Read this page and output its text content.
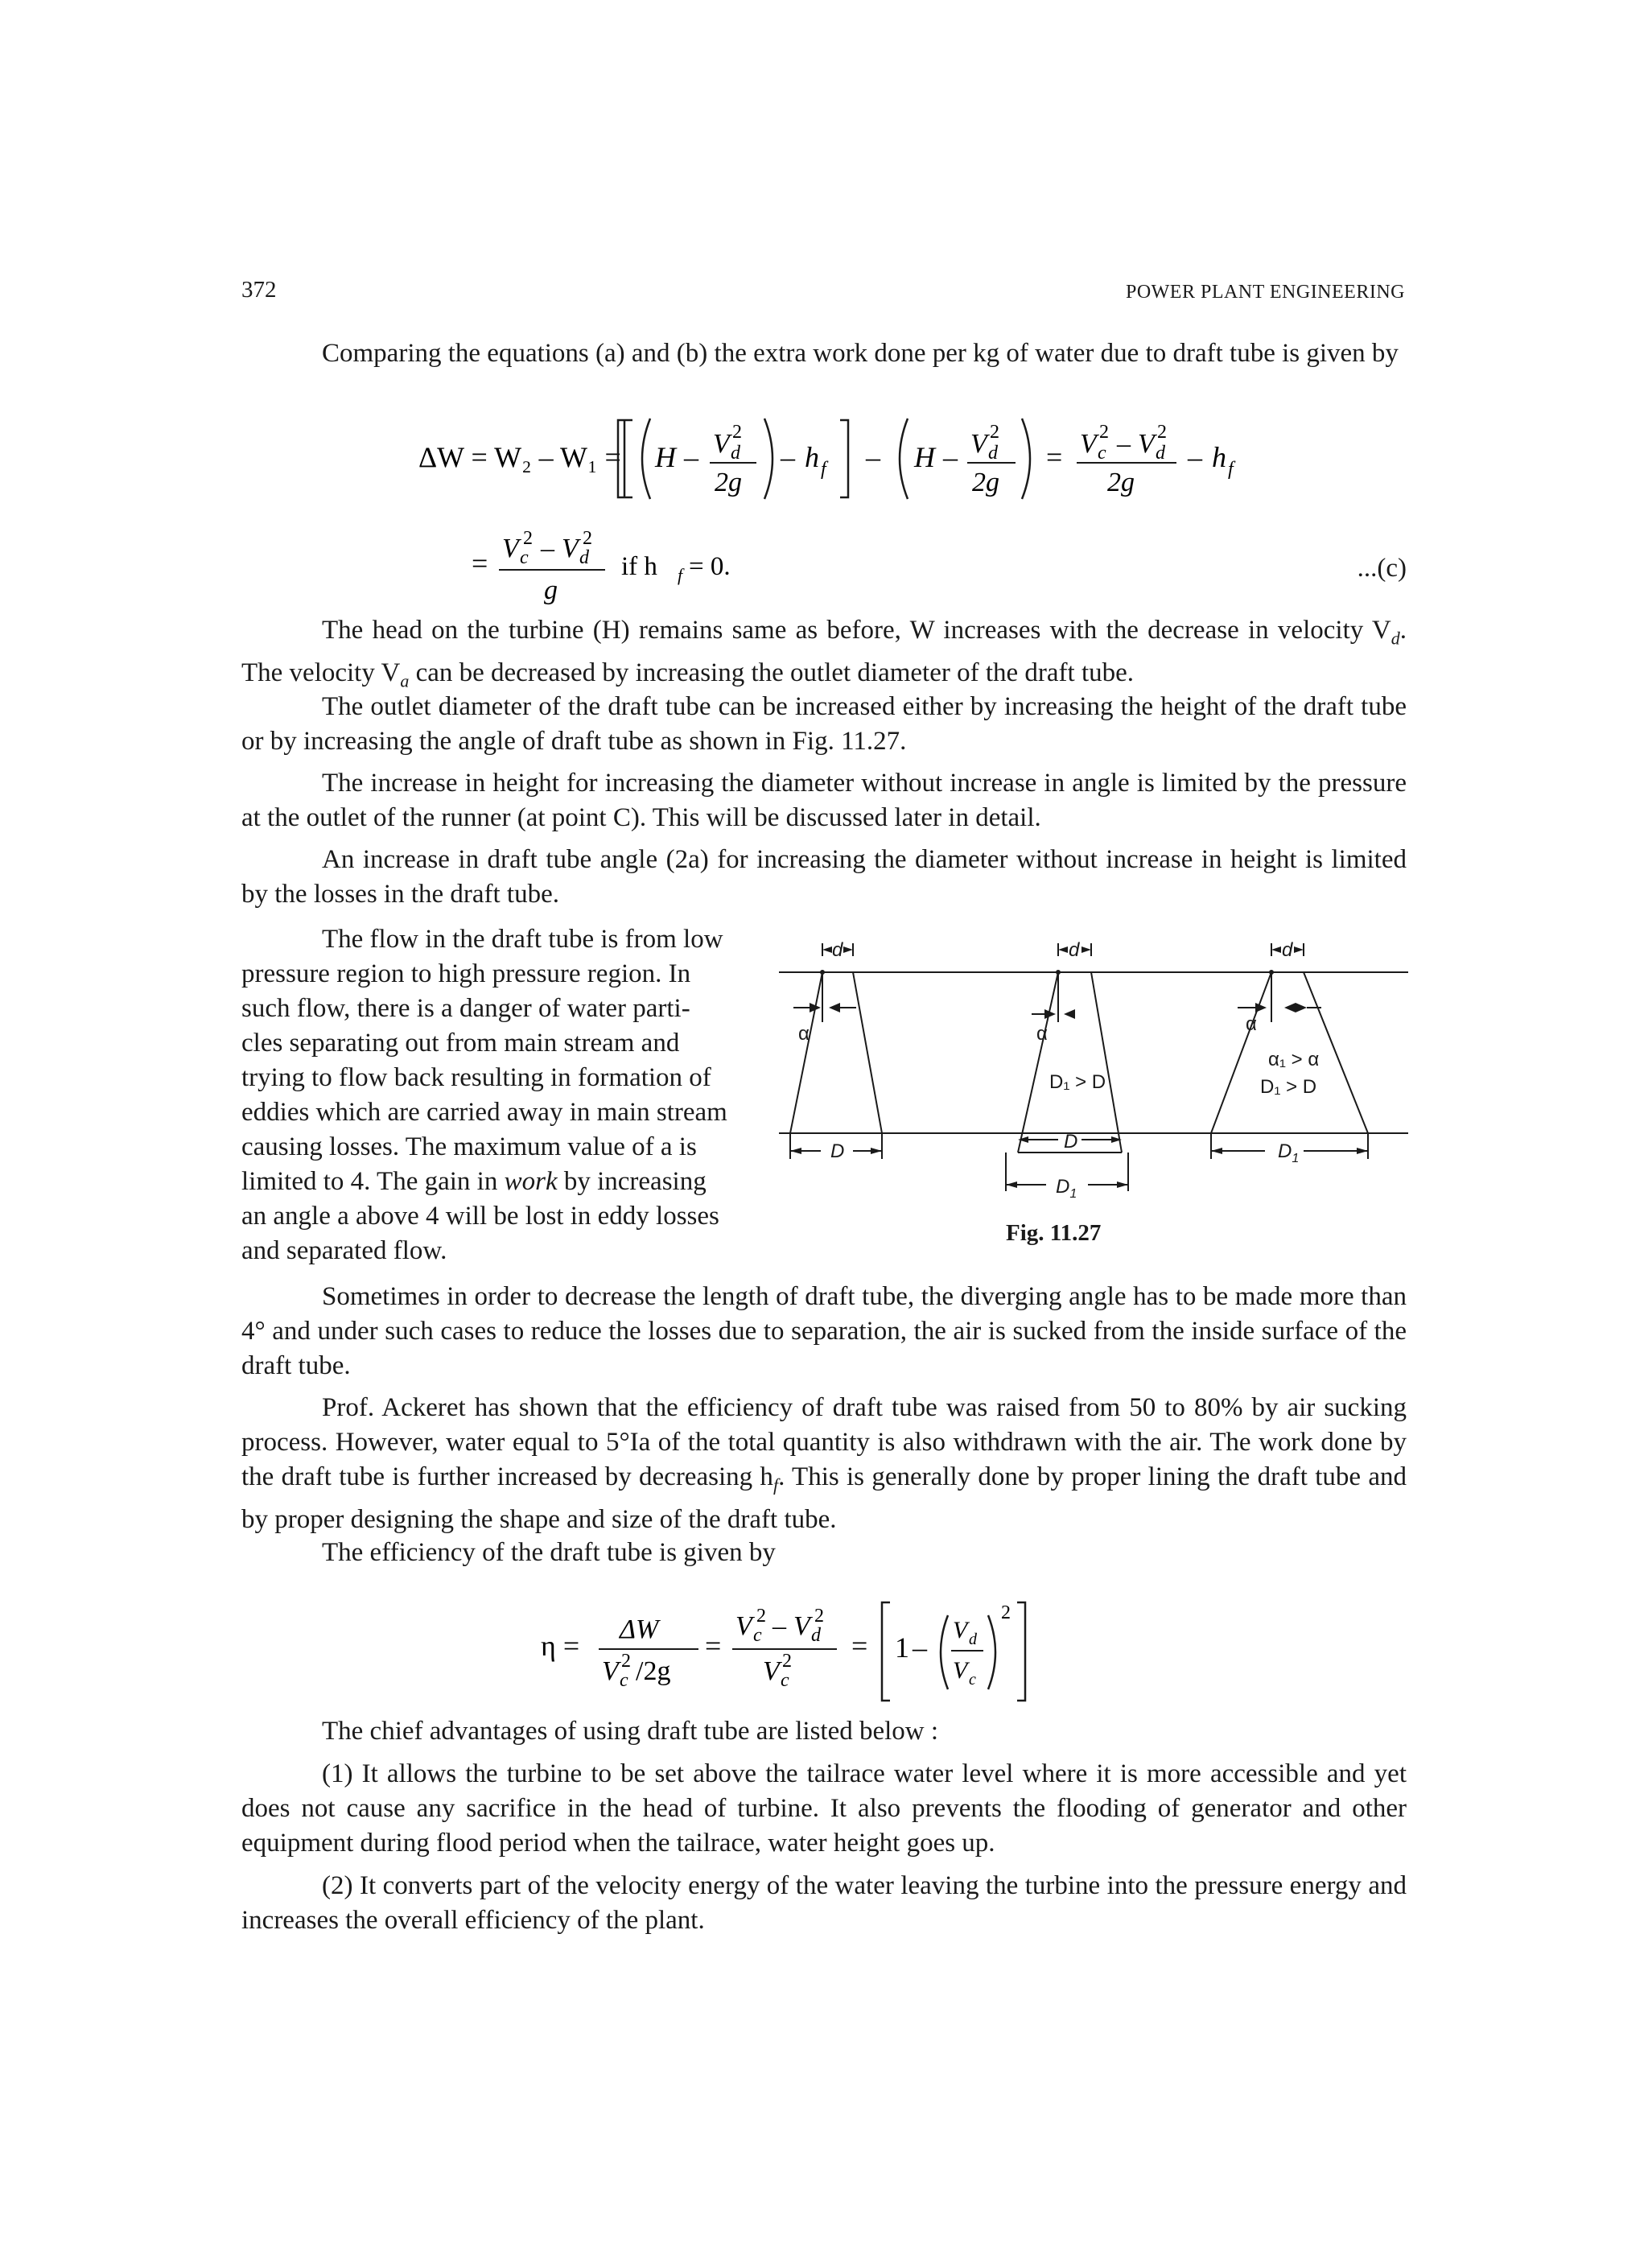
372	POWER PLANT ENGINEERING

Comparing the equations (a) and (b) the extra work done per kg of water due to draft tube is given by

ΔW = W₂ – W₁ = H – V d
2
2g
– h f – H – V d
2
2g
= V c
2 – V d
2
2g
– h f
= V c
2 – V d
2
g
if h f = 0.	...(c)

The head on the turbine (H) remains same as before, W increases with the decrease in velocity $V_d$. The velocity $V_a$ can be decreased by increasing the outlet diameter of the draft tube.

The outlet diameter of the draft tube can be increased either by increasing the height of the draft tube or by increasing the angle of draft tube as shown in Fig. 11.27.

The increase in height for increasing the diameter without increase in angle is limited by the pressure at the outlet of the runner (at point C). This will be discussed later in detail.

An increase in draft tube angle (2a) for increasing the diameter without increase in height is limited by the losses in the draft tube.

The flow in the draft tube is from low
pressure region to high pressure region. In
such flow, there is a danger of water parti-
cles separating out from main stream and
trying to flow back resulting in formation of
eddies which are carried away in main stream
causing losses. The maximum value of a is
limited to 4. The gain in work by increasing
an angle a above 4 will be lost in eddy losses
and separated flow.
d	d	d
α	α	α
D₁ > D
α₁ > α
D₁ > D
D	D
$D_1$
$D_1$
Fig. 11.27

Sometimes in order to decrease the length of draft tube, the diverging angle has to be made more than 4° and under such cases to reduce the losses due to separation, the air is sucked from the inside surface of the draft tube.

Prof. Ackeret has shown that the efficiency of draft tube was raised from 50 to 80% by air sucking process. However, water equal to 5°Ia of the total quantity is also withdrawn with the air. The work done by the draft tube is further increased by decreasing $h_f$. This is generally done by proper lining the draft tube and by proper designing the shape and size of the draft tube.

The efficiency of the draft tube is given by

η =
ΔW
V c
2 /2g
=
V c
2 – V d
2
V c
2 = 1 –
V d
V c
2

The chief advantages of using draft tube are listed below :

(1) It allows the turbine to be set above the tailrace water level where it is more accessible and yet does not cause any sacrifice in the head of turbine. It also prevents the flooding of generator and other equipment during flood period when the tailrace, water height goes up.

(2) It converts part of the velocity energy of the water leaving the turbine into the pressure energy and increases the overall efficiency of the plant.
